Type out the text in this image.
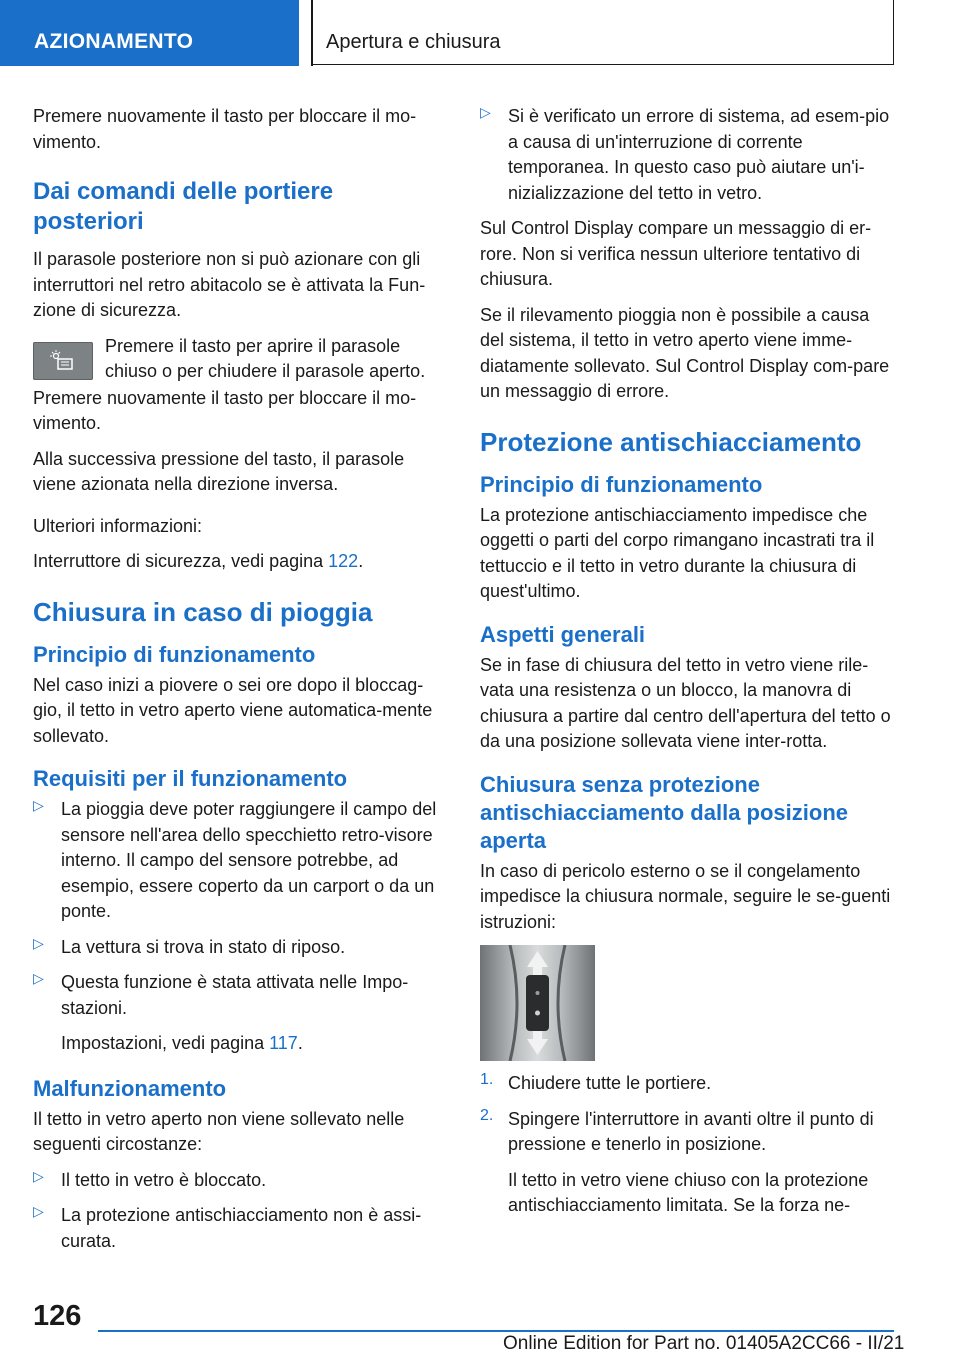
AZIONAMENTO	Apertura e chiusura

Premere nuovamente il tasto per bloccare il mo-vimento.

Dai comandi delle portiere posteriori

Il parasole posteriore non si può azionare con gli interruttori nel retro abitacolo se è attivata la Fun-zione di sicurezza.

Premere il tasto per aprire il parasole chiuso o per chiudere il parasole aperto.

Premere nuovamente il tasto per bloccare il mo-vimento.

Alla successiva pressione del tasto, il parasole viene azionata nella direzione inversa.

Ulteriori informazioni:

Interruttore di sicurezza, vedi pagina 122.

Chiusura in caso di pioggia
Principio di funzionamento

Nel caso inizi a piovere o sei ore dopo il bloccag-gio, il tetto in vetro aperto viene automatica-mente sollevato.

Requisiti per il funzionamento
▷ La pioggia deve poter raggiungere il campo del sensore nell'area dello specchietto retro-visore interno. Il campo del sensore potrebbe, ad esempio, essere coperto da un carport o da un ponte.

▷ La vettura si trova in stato di riposo.

▷ Questa funzione è stata attivata nelle Impo-stazioni.

Impostazioni, vedi pagina 117.

Malfunzionamento

Il tetto in vetro aperto non viene sollevato nelle seguenti circostanze:

▷ Il tetto in vetro è bloccato.

▷ La protezione antischiacciamento non è assi-curata.

▷ Si è verificato un errore di sistema, ad esem-pio a causa di un'interruzione di corrente temporanea. In questo caso può aiutare un'i-nizializzazione del tetto in vetro.

Sul Control Display compare un messaggio di er-rore. Non si verifica nessun ulteriore tentativo di chiusura.

Se il rilevamento pioggia non è possibile a causa del sistema, il tetto in vetro aperto viene imme-diatamente sollevato. Sul Control Display com-pare un messaggio di errore.

Protezione antischiacciamento
Principio di funzionamento

La protezione antischiacciamento impedisce che oggetti o parti del corpo rimangano incastrati tra il tettuccio e il tetto in vetro durante la chiusura di quest'ultimo.

Aspetti generali

Se in fase di chiusura del tetto in vetro viene rile-vata una resistenza o un blocco, la manovra di chiusura a partire dal centro dell'apertura del tetto o da una posizione sollevata viene inter-rotta.

Chiusura senza protezione antischiacciamento dalla posizione aperta

In caso di pericolo esterno o se il congelamento impedisce la chiusura normale, seguire le se-guenti istruzioni:

1. Chiudere tutte le portiere.

2. Spingere l'interruttore in avanti oltre il punto di pressione e tenerlo in posizione.

Il tetto in vetro viene chiuso con la protezione antischiacciamento limitata. Se la forza ne-

126
Online Edition for Part no. 01405A2CC66 - II/21
